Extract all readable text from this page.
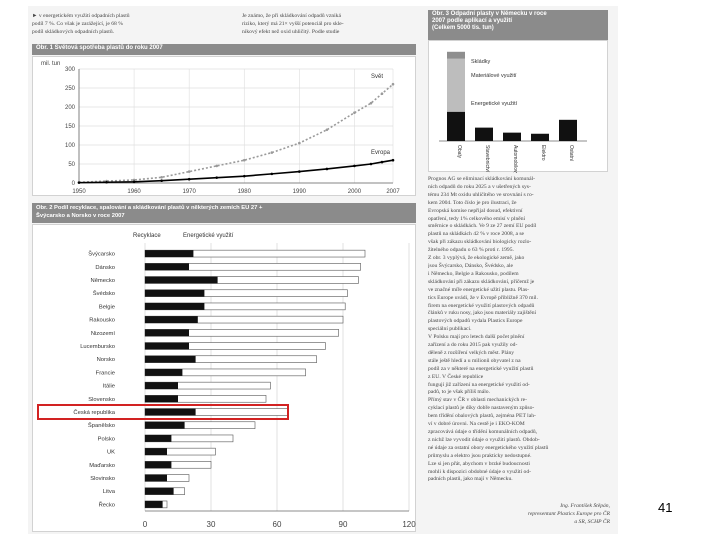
► v energetickém využití odpadních plastů
podíl 7 %. Co však je zarážející, je 68 %
podíl skládkových odpadních plastů.
Je známo, že při skládkování odpadů vzniká
riziko, který má 21× vyšší potenciál pro skle-
níkový efekt než oxid uhličitý. Podle studie
Obr. 1 Světová spotřeba plastů do roku 2007
mil. tun
300
250
200
150
100
50
0
1950	1960	1970	1980	1990	2000	2007
Svět
Evropa
Obr. 2 Podíl recyklace, spalování a skládkování plastů v některých zemích EU 27 +
Švýcarsko a Norsko v roce 2007
Recyklace	Energetické využití
0	30	60	90	120
Švýcarsko
Dánsko
Německo
Švédsko
Belgie
Rakousko
Nizozemí
Lucembursko
Norsko
Francie
Itálie
Slovensko
Česká republika
Španělsko
Polsko
UK
Maďarsko
Slovinsko
Litva
Řecko
Obr. 3 Odpadní plasty v Německu v roce
2007 podle aplikací a využití
(Celkem 5000 tis. tun)
Skládky
Materiálové využití
Energetické využití
Obaly	Stavebnictví	Automobilový průmysl	Elektro	Ostatní
Prognos AG se eliminací skládkování komunál-
ních odpadů do roku 2025 a v ušetřených sys-
tému 234 Mt oxidu uhličitého ve srovnání s ro-
kem 2004. Toto číslo je pro ilustraci, že
Evropská komise nepřijal dosud, efektivní
opatření, tedy 1% celkového emisí v plnění
směrnice o skládkách. Ve 9 ze 27 zemí EU podíl
plastů na skládkách 42 % v roce 2008, a se
však při zákazu skládkování biologicky rozlo-
žitelného odpadu o 63 % proti r. 1995.
Z obr. 3 vyplývá, že ekologické země, jako
jsou Švýcarsko, Dánsko, Švédsko, ale
i Německo, Belgie a Rakousko, podílem
skládkování při zákazu skládkování, přičemž je
ve značné míře energetické užití plastu. Plas-
tics Europe uvádí, že v Evropě přibližně 370 mil.
firem na energetické využití plastových odpadů
článků v ruku nosy, jako jsou materiály zajištění
plastových odpadů vydala Plastics Europe
speciální publikaci.
V Polsku mají pro letech další počet plnění
zařízení a do roku 2015 pak využily od-
děleně z rozšíření velkých měst. Plány
stále ještě hledí a u milionů obyvatel z na
podíl za v některé na energetické využití plastů
z EU. V České republice
fungují již zařízení na energetické využití od-
padů, to je však příliš málo.
Přímý stav v ČR v oblasti mechanických re-
cyklací plastů je díky dobře nastaveným způso-
bem třídění obalových plastů, zejména PET lah-
ví v dobré úrovni. Na cestě je i EKO-KOM
zpracovává údaje o třídění komunálních odpadů,
z nichž lze vyvodit údaje o využití plastů. Obdob-
né údaje za ostatní obory energetického využití plastů
průmyslu a elektro jsou prakticky nedostupné.
Lze si jen přát, abychom v brzké budoucnosti
mohli k dispozici obdobné údaje o využití od-
padních plastů, jako mají v Německu.
Ing. František Štěpán,
representant Plastics Europe pro ČR
a SR, SCHP ČR
41
